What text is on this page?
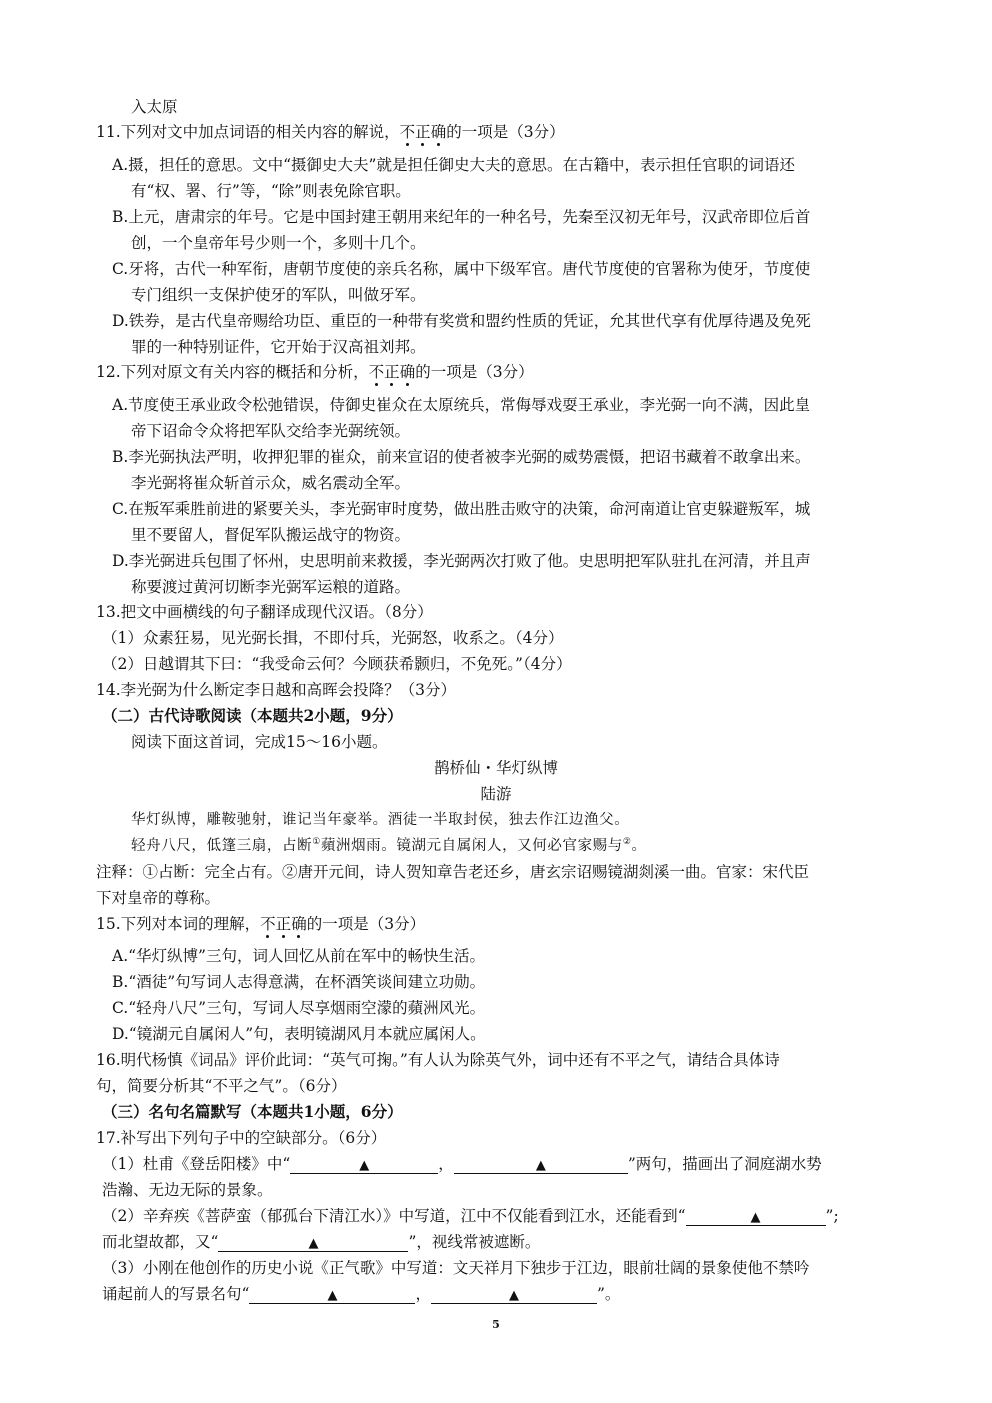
入太原
11.下列对文中加点词语的相关内容的解说，不正确的一项是（3分）
A.摄，担任的意思。文中“摄御史大夫”就是担任御史大夫的意思。在古籍中，表示担任官职的词语还
有“权、署、行”等，“除”则表免除官职。
B.上元，唐肃宗的年号。它是中国封建王朝用来纪年的一种名号，先秦至汉初无年号，汉武帝即位后首
创，一个皇帝年号少则一个，多则十几个。
C.牙将，古代一种军衔，唐朝节度使的亲兵名称，属中下级军官。唐代节度使的官署称为使牙，节度使
专门组织一支保护使牙的军队，叫做牙军。
D.铁券，是古代皇帝赐给功臣、重臣的一种带有奖赏和盟约性质的凭证，允其世代享有优厚待遇及免死
罪的一种特别证件，它开始于汉高祖刘邦。
12.下列对原文有关内容的概括和分析，不正确的一项是（3分）
A.节度使王承业政令松弛错误，侍御史崔众在太原统兵，常侮辱戏耍王承业，李光弼一向不满，因此皇
帝下诏命令众将把军队交给李光弼统领。
B.李光弼执法严明，收押犯罪的崔众，前来宣诏的使者被李光弼的威势震慑，把诏书藏着不敢拿出来。
李光弼将崔众斩首示众，威名震动全军。
C.在叛军乘胜前进的紧要关头，李光弼审时度势，做出胜击败守的决策，命河南道让官吏躲避叛军，城
里不要留人，督促军队搬运战守的物资。
D.李光弼进兵包围了怀州，史思明前来救援，李光弼两次打败了他。史思明把军队驻扎在河清，并且声
称要渡过黄河切断李光弼军运粮的道路。
13.把文中画横线的句子翻译成现代汉语。（8分）
（1）众素狂易，见光弼长揖，不即付兵，光弼怒，收系之。（4分）
（2）日越谓其下曰：“我受命云何？今顾获希颢归，不免死。”（4分）
14.李光弼为什么断定李日越和高晖会投降？（3分）
（二）古代诗歌阅读（本题共2小题，9分）
阅读下面这首词，完成15～16小题。
鹊桥仙・华灯纵博
陆游
华灯纵博，雕鞍驰射，谁记当年豪举。酒徒一半取封侯，独去作江边渔父。
轻舟八尺，低篷三扇，占断①蘋洲烟雨。镜湖元自属闲人，又何必官家赐与②。
注释：①占断：完全占有。②唐开元间，诗人贺知章告老还乡，唐玄宗诏赐镜湖剡溪一曲。官家：宋代臣
下对皇帝的尊称。
15.下列对本词的理解，不正确的一项是（3分）
A.“华灯纵博”三句，词人回忆从前在军中的畅快生活。
B.“酒徒”句写词人志得意满，在杯酒笑谈间建立功勋。
C.“轻舟八尺”三句，写词人尽享烟雨空濛的蘋洲风光。
D.“镜湖元自属闲人”句，表明镜湖风月本就应属闲人。
16.明代杨慎《词品》评价此词：“英气可掬。”有人认为除英气外，词中还有不平之气，请结合具体诗
句，简要分析其“不平之气”。（6分）
（三）名句名篇默写（本题共1小题，6分）
17.补写出下列句子中的空缺部分。（6分）
（1）杜甫《登岳阳楼》中“	▲	，	▲	”两句，描画出了洞庭湖水势
浩瀚、无边无际的景象。
（2）辛弃疾《菩萨蛮（郁孤台下清江水）》中写道，江中不仅能看到江水，还能看到“	▲	”;
而北望故都，又“	▲	”，视线常被遮断。
（3）小刚在他创作的历史小说《正气歌》中写道：文天祥月下独步于江边，眼前壮阔的景象使他不禁吟
诵起前人的写景名句“	▲	，	▲	”。
5
